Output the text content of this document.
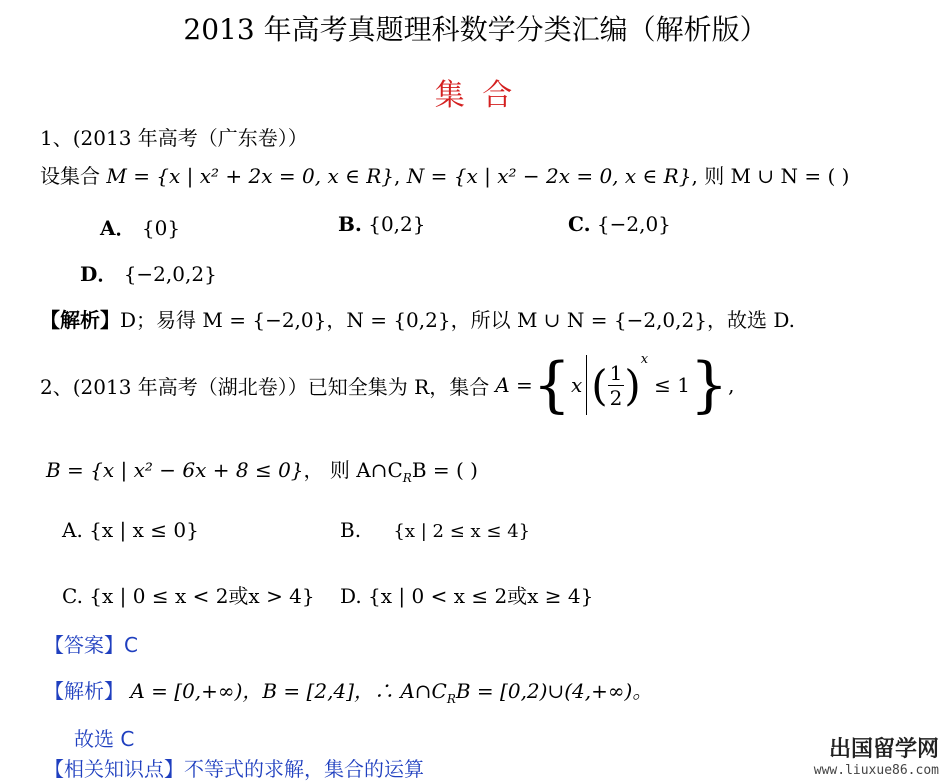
2013 年高考真题理科数学分类汇编（解析版）
集 合
1、(2013 年高考（广东卷））
设集合 M = {x | x² + 2x = 0, x ∈ R}, N = {x | x² − 2x = 0, x ∈ R}, 则 M ∪ N = ( )
A． {0}	B. {0,2}	C. {−2,0}
D． {−2,0,2}
【解析】D；易得 M = {−2,0}，N = {0,2}，所以 M ∪ N = {−2,0,2}，故选 D.
2、(2013 年高考（湖北卷））已知全集为 R，集合 A = { x ( $\frac{1}{2}$ )
x
≤ 1 } ,
B = {x | x² − 6x + 8 ≤ 0}， 则 $A\cap C_RB$ = ( )
A. {x | x ≤ 0}	B. {x | 2 ≤ x ≤ 4}
C. {x | 0 ≤ x < 2或x > 4} D. {x | 0 < x ≤ 2或x ≥ 4}
【答案】C
【解析】 A = [0,+∞)，B = [2,4]，∴ $A\cap C_RB$ = [0,2)∪(4,+∞)。
故选 C
【相关知识点】不等式的求解，集合的运算
出国留学网
www.liuxue86.com
